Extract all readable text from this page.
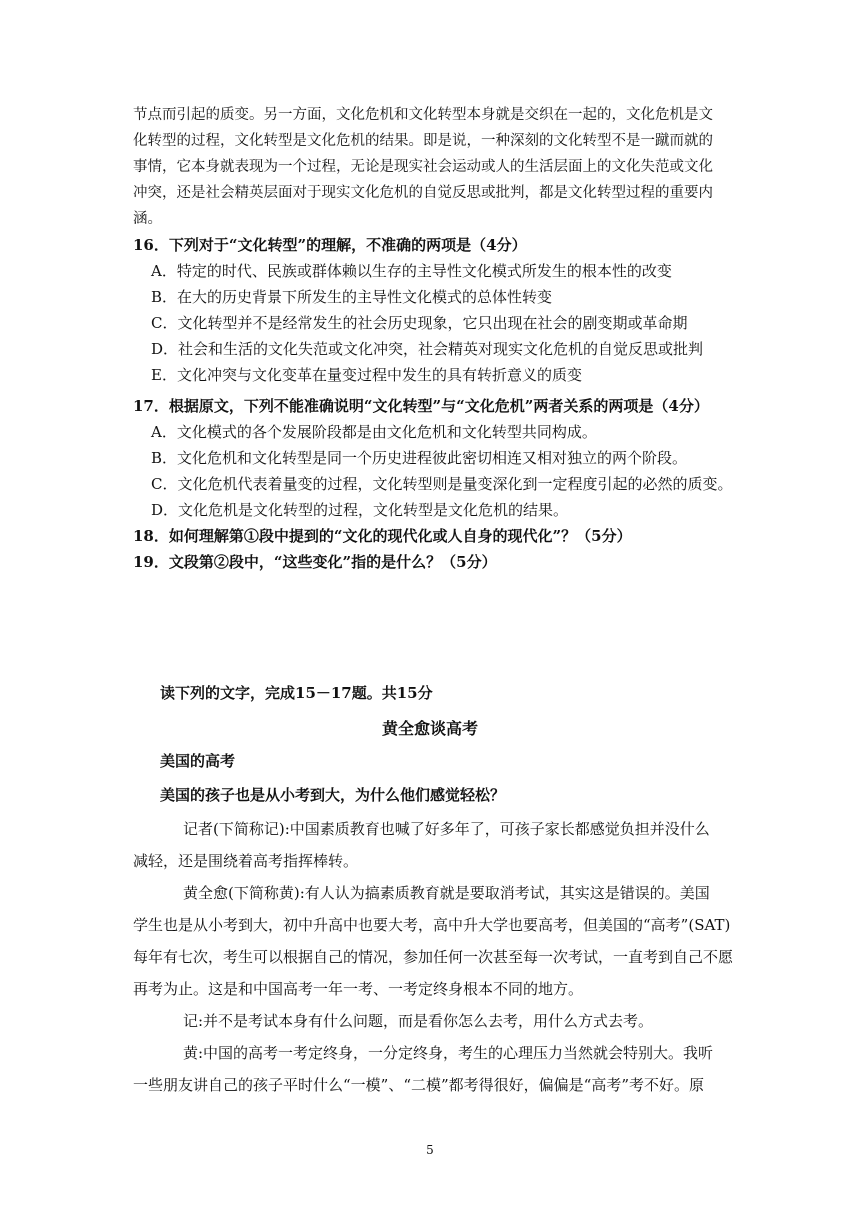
节点而引起的质变。另一方面，文化危机和文化转型本身就是交织在一起的，文化危机是文
化转型的过程，文化转型是文化危机的结果。即是说，一种深刻的文化转型不是一蹴而就的
事情，它本身就表现为一个过程，无论是现实社会运动或人的生活层面上的文化失范或文化
冲突，还是社会精英层面对于现实文化危机的自觉反思或批判，都是文化转型过程的重要内
涵。
16．下列对于“文化转型”的理解，不准确的两项是（4分）
A．特定的时代、民族或群体赖以生存的主导性文化模式所发生的根本性的改变
B．在大的历史背景下所发生的主导性文化模式的总体性转变
C．文化转型并不是经常发生的社会历史现象，它只出现在社会的剧变期或革命期
D．社会和生活的文化失范或文化冲突，社会精英对现实文化危机的自觉反思或批判
E．文化冲突与文化变革在量变过程中发生的具有转折意义的质变
17．根据原文，下列不能准确说明“文化转型”与“文化危机”两者关系的两项是（4分）
A．文化模式的各个发展阶段都是由文化危机和文化转型共同构成。
B．文化危机和文化转型是同一个历史进程彼此密切相连又相对独立的两个阶段。
C．文化危机代表着量变的过程，文化转型则是量变深化到一定程度引起的必然的质变。
D．文化危机是文化转型的过程，文化转型是文化危机的结果。
18．如何理解第①段中提到的“文化的现代化或人自身的现代化”？（5分）
19．文段第②段中，“这些变化”指的是什么？（5分）
读下列的文字，完成15－17题。共15分
黄全愈谈高考
美国的高考
美国的孩子也是从小考到大，为什么他们感觉轻松？
记者(下简称记):中国素质教育也喊了好多年了，可孩子家长都感觉负担并没什么
减轻，还是围绕着高考指挥棒转。
黄全愈(下简称黄):有人认为搞素质教育就是要取消考试，其实这是错误的。美国
学生也是从小考到大，初中升高中也要大考，高中升大学也要高考，但美国的“高考”(SAT)
每年有七次，考生可以根据自己的情况，参加任何一次甚至每一次考试，一直考到自己不愿
再考为止。这是和中国高考一年一考、一考定终身根本不同的地方。
记:并不是考试本身有什么问题，而是看你怎么去考，用什么方式去考。
黄:中国的高考一考定终身，一分定终身，考生的心理压力当然就会特别大。我听
一些朋友讲自己的孩子平时什么“一模”、“二模”都考得很好，偏偏是“高考”考不好。原
5
